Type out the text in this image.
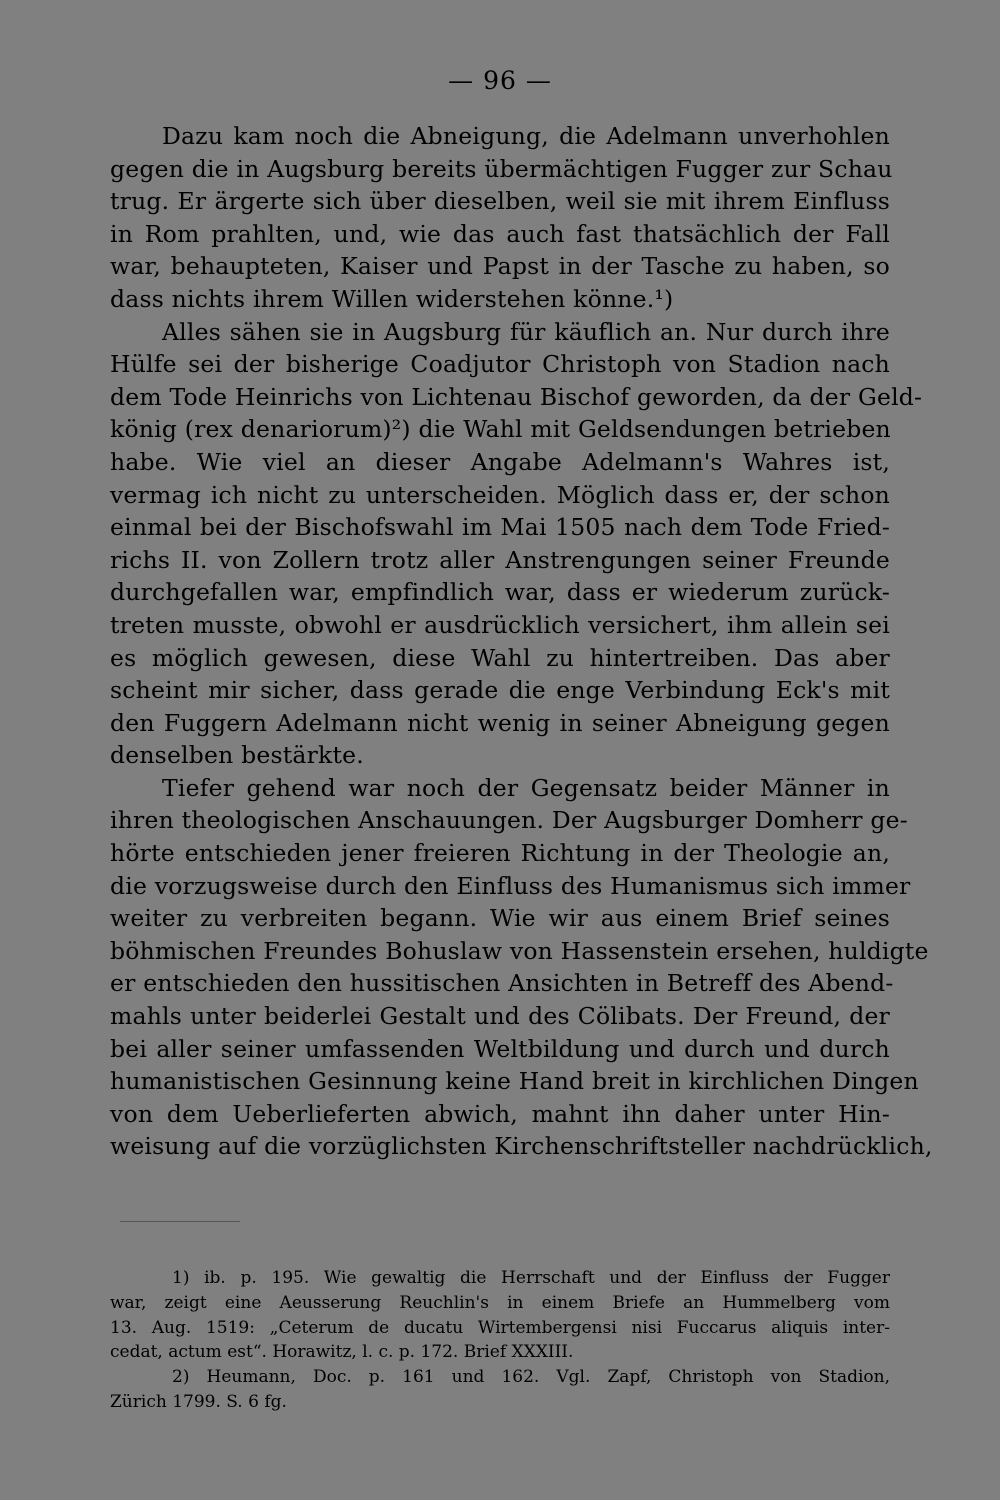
— 96 —
Dazu kam noch die Abneigung, die Adelmann unverhohlen
gegen die in Augsburg bereits übermächtigen Fugger zur Schau
trug. Er ärgerte sich über dieselben, weil sie mit ihrem Einfluss
in Rom prahlten, und, wie das auch fast thatsächlich der Fall
war, behaupteten, Kaiser und Papst in der Tasche zu haben, so
dass nichts ihrem Willen widerstehen könne.¹)
Alles sähen sie in Augsburg für käuflich an. Nur durch ihre
Hülfe sei der bisherige Coadjutor Christoph von Stadion nach
dem Tode Heinrichs von Lichtenau Bischof geworden, da der Geld-
könig (rex denariorum)²) die Wahl mit Geldsendungen betrieben
habe. Wie viel an dieser Angabe Adelmann's Wahres ist,
vermag ich nicht zu unterscheiden. Möglich dass er, der schon
einmal bei der Bischofswahl im Mai 1505 nach dem Tode Fried-
richs II. von Zollern trotz aller Anstrengungen seiner Freunde
durchgefallen war, empfindlich war, dass er wiederum zurück-
treten musste, obwohl er ausdrücklich versichert, ihm allein sei
es möglich gewesen, diese Wahl zu hintertreiben. Das aber
scheint mir sicher, dass gerade die enge Verbindung Eck's mit
den Fuggern Adelmann nicht wenig in seiner Abneigung gegen
denselben bestärkte.
Tiefer gehend war noch der Gegensatz beider Männer in
ihren theologischen Anschauungen. Der Augsburger Domherr ge-
hörte entschieden jener freieren Richtung in der Theologie an,
die vorzugsweise durch den Einfluss des Humanismus sich immer
weiter zu verbreiten begann. Wie wir aus einem Brief seines
böhmischen Freundes Bohuslaw von Hassenstein ersehen, huldigte
er entschieden den hussitischen Ansichten in Betreff des Abend-
mahls unter beiderlei Gestalt und des Cölibats. Der Freund, der
bei aller seiner umfassenden Weltbildung und durch und durch
humanistischen Gesinnung keine Hand breit in kirchlichen Dingen
von dem Ueberlieferten abwich, mahnt ihn daher unter Hin-
weisung auf die vorzüglichsten Kirchenschriftsteller nachdrücklich,
1) ib. p. 195. Wie gewaltig die Herrschaft und der Einfluss der Fugger
war, zeigt eine Aeusserung Reuchlin's in einem Briefe an Hummelberg vom
13. Aug. 1519: „Ceterum de ducatu Wirtembergensi nisi Fuccarus aliquis inter-
cedat, actum est“. Horawitz, l. c. p. 172. Brief XXXIII.
2) Heumann, Doc. p. 161 und 162. Vgl. Zapf, Christoph von Stadion,
Zürich 1799. S. 6 fg.
